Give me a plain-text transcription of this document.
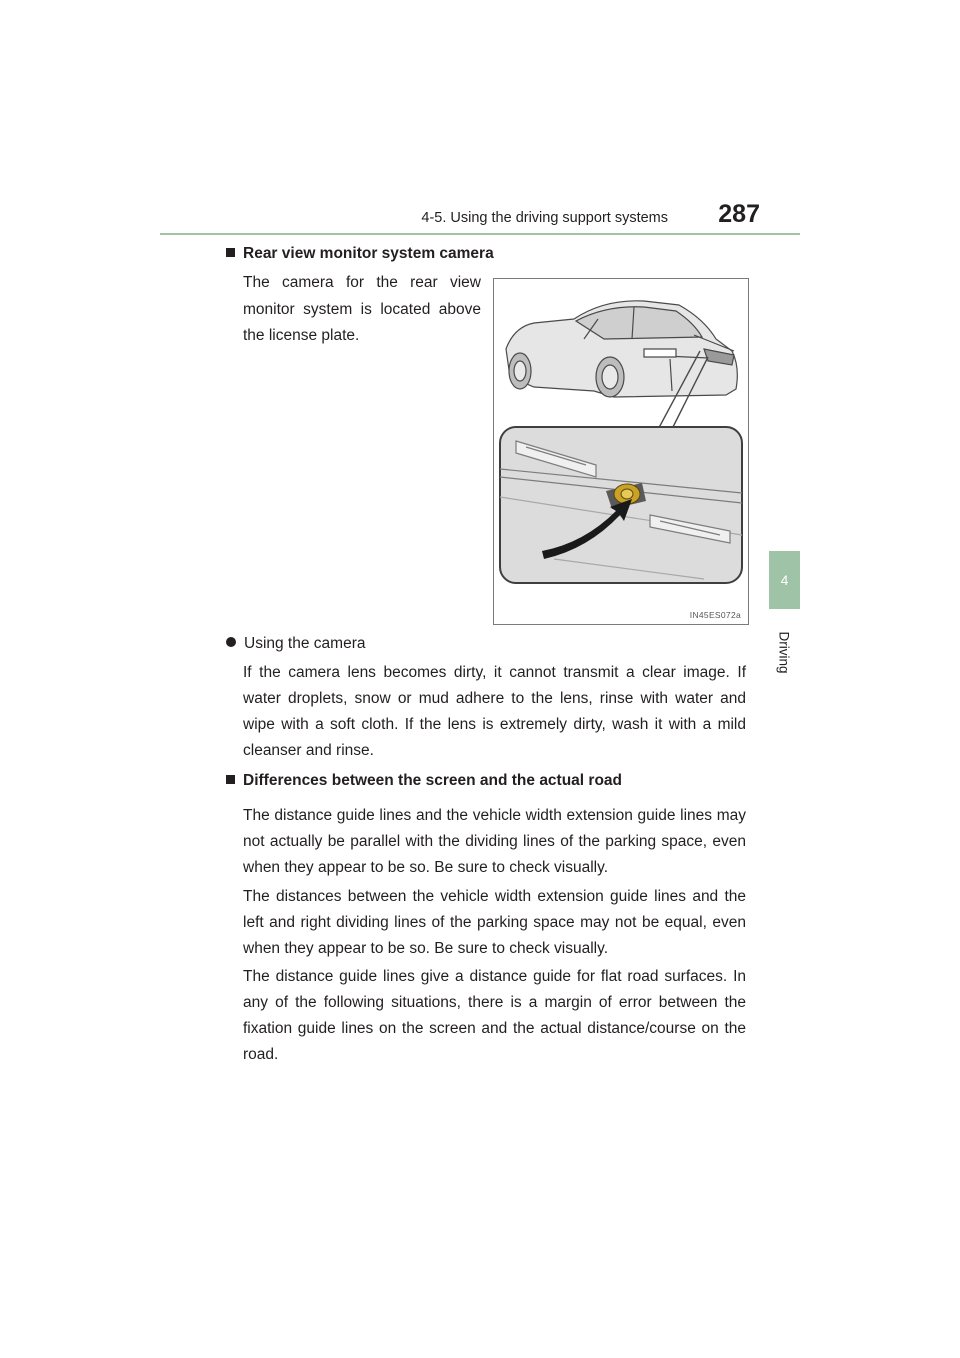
4-5. Using the driving support systems	287
4
Driving
Rear view monitor system camera

The camera for the rear view monitor system is located above the license plate.

IN45ES072a
Using the camera

If the camera lens becomes dirty, it cannot transmit a clear image. If water droplets, snow or mud adhere to the lens, rinse with water and wipe with a soft cloth. If the lens is extremely dirty, wash it with a mild cleanser and rinse.

Differences between the screen and the actual road

The distance guide lines and the vehicle width extension guide lines may not actually be parallel with the dividing lines of the parking space, even when they appear to be so. Be sure to check visually.

The distances between the vehicle width extension guide lines and the left and right dividing lines of the parking space may not be equal, even when they appear to be so. Be sure to check visually.

The distance guide lines give a distance guide for flat road surfaces. In any of the following situations, there is a margin of error between the fixation guide lines on the screen and the actual distance/course on the road.
